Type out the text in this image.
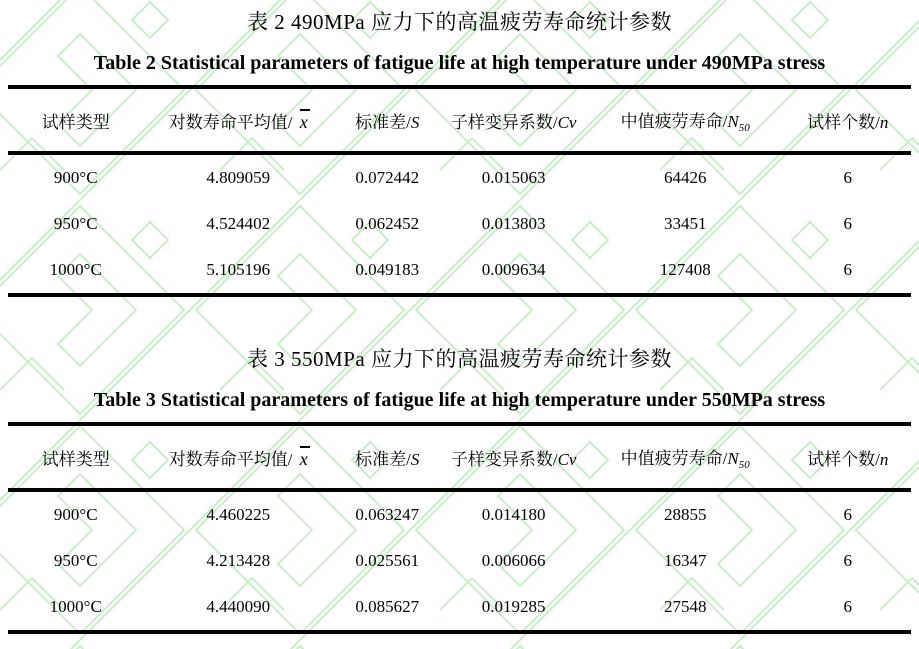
表 2 490MPa 应力下的高温疲劳寿命统计参数
Table 2 Statistical parameters of fatigue life at high temperature under 490MPa stress
试样类型	对数寿命平均值/ x	标准差/S	子样变异系数/Cv	中值疲劳寿命$/N_{50}$	试样个数/n
900°C	4.809059	0.072442	0.015063	64426	6
950°C	4.524402	0.062452	0.013803	33451	6
1000°C	5.105196	0.049183	0.009634	127408	6
表 3 550MPa 应力下的高温疲劳寿命统计参数
Table 3 Statistical parameters of fatigue life at high temperature under 550MPa stress
试样类型	对数寿命平均值/ x	标准差/S	子样变异系数/Cv	中值疲劳寿命$/N_{50}$	试样个数/n
900°C	4.460225	0.063247	0.014180	28855	6
950°C	4.213428	0.025561	0.006066	16347	6
1000°C	4.440090	0.085627	0.019285	27548	6
